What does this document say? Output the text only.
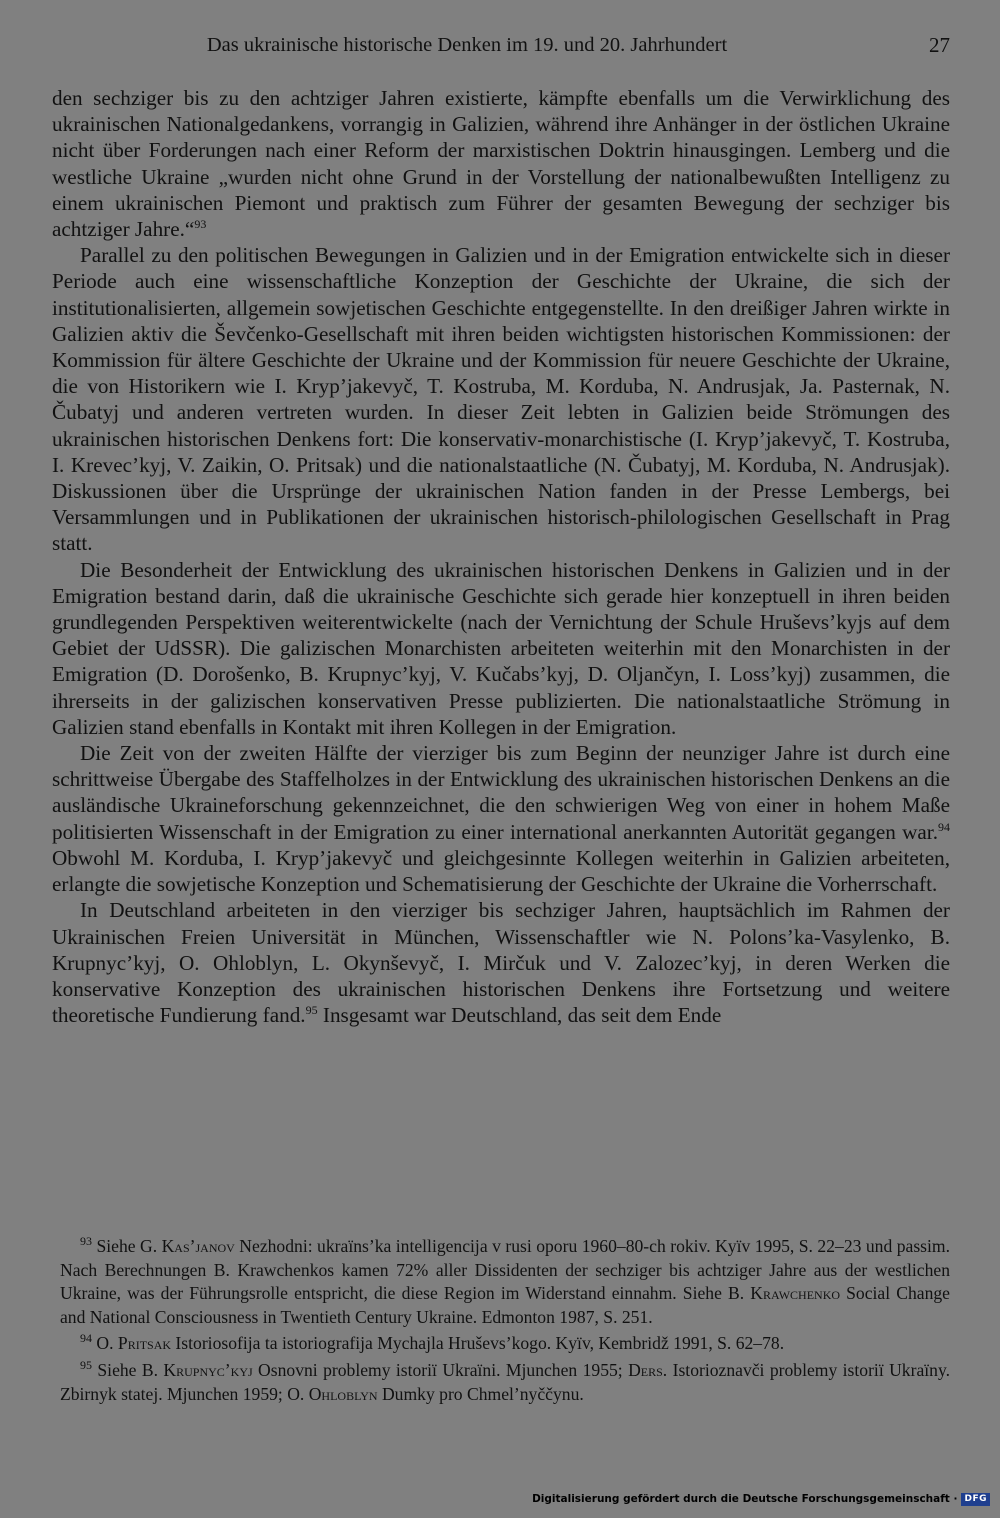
Das ukrainische historische Denken im 19. und 20. Jahrhundert	27

den sechziger bis zu den achtziger Jahren existierte, kämpfte ebenfalls um die Verwirklichung des ukrainischen Nationalgedankens, vorrangig in Galizien, während ihre Anhänger in der östlichen Ukraine nicht über Forderungen nach einer Reform der marxistischen Doktrin hinausgingen. Lemberg und die westliche Ukraine „wurden nicht ohne Grund in der Vorstellung der nationalbewußten Intelligenz zu einem ukrainischen Piemont und praktisch zum Führer der gesamten Bewegung der sechziger bis achtziger Jahre.“$^{93}$

Parallel zu den politischen Bewegungen in Galizien und in der Emigration entwickelte sich in dieser Periode auch eine wissenschaftliche Konzeption der Geschichte der Ukraine, die sich der institutionalisierten, allgemein sowjetischen Geschichte entgegenstellte. In den dreißiger Jahren wirkte in Galizien aktiv die Ševčenko-Gesellschaft mit ihren beiden wichtigsten historischen Kommissionen: der Kommission für ältere Geschichte der Ukraine und der Kommission für neuere Geschichte der Ukraine, die von Historikern wie I. Kryp’jakevyč, T. Kostruba, M. Korduba, N. Andrusjak, Ja. Pasternak, N. Čubatyj und anderen vertreten wurden. In dieser Zeit lebten in Galizien beide Strömungen des ukrainischen historischen Denkens fort: Die konservativ-monarchistische (I. Kryp’jakevyč, T. Kostruba, I. Krevec’kyj, V. Zaikin, O. Pritsak) und die nationalstaatliche (N. Čubatyj, M. Korduba, N. Andrusjak). Diskussionen über die Ursprünge der ukrainischen Nation fanden in der Presse Lembergs, bei Versammlungen und in Publikationen der ukrainischen historisch-philologischen Gesellschaft in Prag statt.

Die Besonderheit der Entwicklung des ukrainischen historischen Denkens in Galizien und in der Emigration bestand darin, daß die ukrainische Geschichte sich gerade hier konzeptuell in ihren beiden grundlegenden Perspektiven weiterentwickelte (nach der Vernichtung der Schule Hruševs’kyjs auf dem Gebiet der UdSSR). Die galizischen Monarchisten arbeiteten weiterhin mit den Monarchisten in der Emigration (D. Dorošenko, B. Krupnyc’kyj, V. Kučabs’kyj, D. Oljančyn, I. Loss’kyj) zusammen, die ihrerseits in der galizischen konservativen Presse publizierten. Die nationalstaatliche Strömung in Galizien stand ebenfalls in Kontakt mit ihren Kollegen in der Emigration.

Die Zeit von der zweiten Hälfte der vierziger bis zum Beginn der neunziger Jahre ist durch eine schrittweise Übergabe des Staffelholzes in der Entwicklung des ukrainischen historischen Denkens an die ausländische Ukraineforschung gekennzeichnet, die den schwierigen Weg von einer in hohem Maße politisierten Wissenschaft in der Emigration zu einer international anerkannten Autorität gegangen war.$^{94}$ Obwohl M. Korduba, I. Kryp’jakevyč und gleichgesinnte Kollegen weiterhin in Galizien arbeiteten, erlangte die sowjetische Konzeption und Schematisierung der Geschichte der Ukraine die Vorherrschaft.

In Deutschland arbeiteten in den vierziger bis sechziger Jahren, hauptsächlich im Rahmen der Ukrainischen Freien Universität in München, Wissenschaftler wie N. Polons’ka-Vasylenko, B. Krupnyc’kyj, O. Ohloblyn, L. Okynševyč, I. Mirčuk und V. Zalozec’kyj, in deren Werken die konservative Konzeption des ukrainischen historischen Denkens ihre Fortsetzung und weitere theoretische Fundierung fand.$^{95}$ Insgesamt war Deutschland, das seit dem Ende

$^{93}$ Siehe G. Kas’janov Nezhodni: ukraïns’ka intelligencija v rusi oporu 1960–80-ch rokiv. Kyïv 1995, S. 22–23 und passim. Nach Berechnungen B. Krawchenkos kamen 72% aller Dissidenten der sechziger bis achtziger Jahre aus der westlichen Ukraine, was der Führungsrolle entspricht, die diese Region im Widerstand einnahm. Siehe B. Krawchenko Social Change and National Consciousness in Twentieth Century Ukraine. Edmonton 1987, S. 251.

$^{94}$ O. Pritsak Istoriosofija ta istoriografija Mychajla Hruševs’kogo. Kyïv, Kembridž 1991, S. 62–78.

$^{95}$ Siehe B. Krupnyc’kyj Osnovni problemy istoriï Ukraïni. Mjunchen 1955; Ders. Istorioznavči problemy istoriï Ukraïny. Zbirnyk statej. Mjunchen 1959; O. Ohloblyn Dumky pro Chmel’nyččynu.

Digitalisierung gefördert durch die Deutsche Forschungsgemeinschaft · DFG
